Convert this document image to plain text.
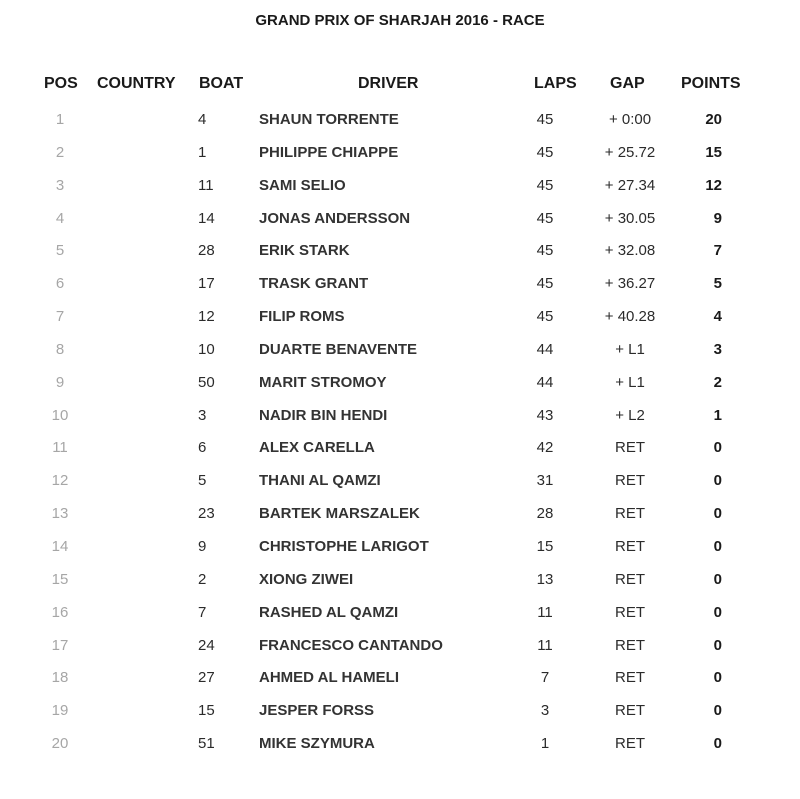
GRAND PRIX OF SHARJAH 2016 - RACE
POS COUNTRY BOAT	DRIVER	LAPS GAP POINTS
1	4	SHAUN TORRENTE	45	+ 0:00	20
2	1	PHILIPPE CHIAPPE	45	+ 25.72	15
3	11	SAMI SELIO	45	+ 27.34	12
4	14	JONAS ANDERSSON	45	+ 30.05	9
5	28	ERIK STARK	45	+ 32.08	7
6	17	TRASK GRANT	45	+ 36.27	5
7	12	FILIP ROMS	45	+ 40.28	4
8	10	DUARTE BENAVENTE	44	+ L1	3
9	50	MARIT STROMOY	44	+ L1	2
10	3	NADIR BIN HENDI	43	+ L2	1
11	6	ALEX CARELLA	42	RET	0
12	5	THANI AL QAMZI	31	RET	0
13	23	BARTEK MARSZALEK	28	RET	0
14	9	CHRISTOPHE LARIGOT	15	RET	0
15	2	XIONG ZIWEI	13	RET	0
16	7	RASHED AL QAMZI	11	RET	0
17	24	FRANCESCO CANTANDO	11	RET	0
18	27	AHMED AL HAMELI	7	RET	0
19	15	JESPER FORSS	3	RET	0
20	51	MIKE SZYMURA	1	RET	0
